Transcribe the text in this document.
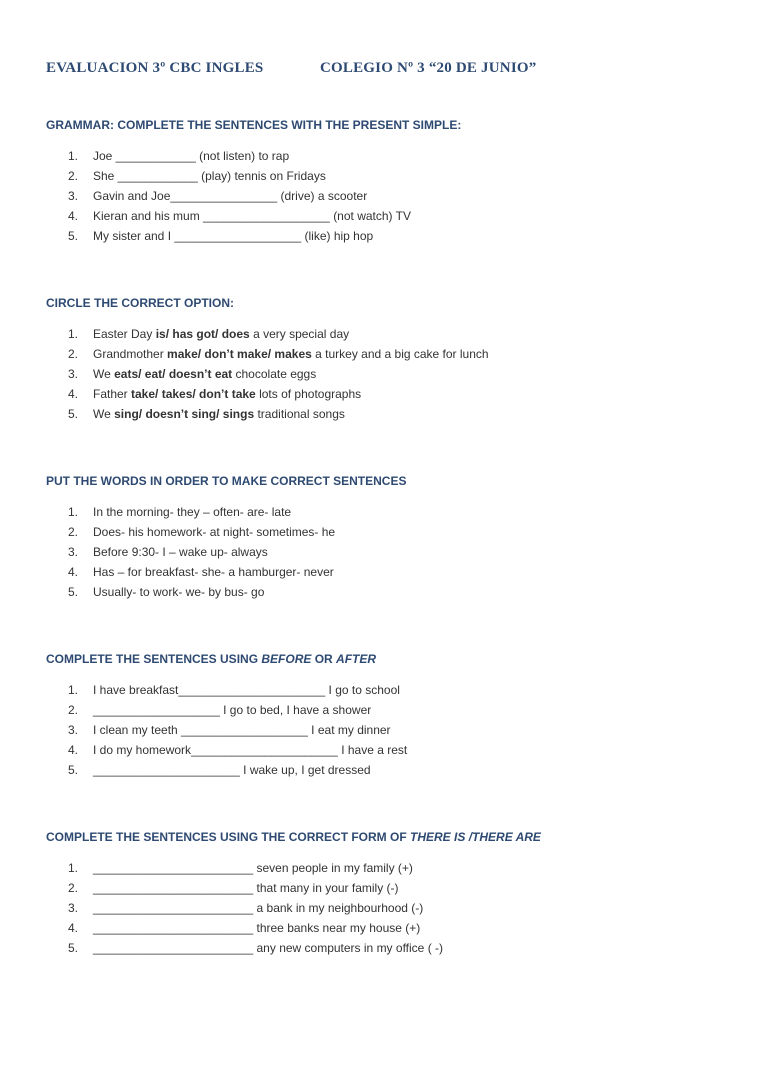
EVALUACION 3º CBC INGLES	COLEGIO Nº 3 “20 DE JUNIO”
GRAMMAR: COMPLETE THE SENTENCES WITH THE PRESENT SIMPLE:
1.	Joe ____________ (not listen) to rap
2.	She ____________ (play) tennis on Fridays
3.	Gavin and Joe________________ (drive) a scooter
4.	Kieran and his mum ___________________ (not watch) TV
5.	My sister and I ___________________ (like) hip hop
CIRCLE THE CORRECT OPTION:
1.	Easter Day is/ has got/ does a very special day
2.	Grandmother make/ don’t make/ makes a turkey and a big cake for lunch
3.	We eats/ eat/ doesn’t eat chocolate eggs
4.	Father take/ takes/ don’t take lots of photographs
5.	We sing/ doesn’t sing/ sings traditional songs
PUT THE WORDS IN ORDER TO MAKE CORRECT SENTENCES
1.	In the morning- they – often- are- late
2.	Does- his homework- at night- sometimes- he
3.	Before 9:30- I – wake up- always
4.	Has – for breakfast- she- a hamburger- never
5.	Usually- to work- we- by bus- go
COMPLETE THE SENTENCES USING BEFORE OR AFTER
1.	I have breakfast______________________ I go to school
2.	___________________ I go to bed, I have a shower
3.	I clean my teeth ___________________ I eat my dinner
4.	I do my homework______________________ I have a rest
5.	______________________ I wake up, I get dressed
COMPLETE THE SENTENCES USING THE CORRECT FORM OF THERE IS /THERE ARE
1.	________________________ seven people in my family (+)
2.	________________________ that many in your family (-)
3.	________________________ a bank in my neighbourhood (-)
4.	________________________ three banks near my house (+)
5.	________________________ any new computers in my office ( -)
